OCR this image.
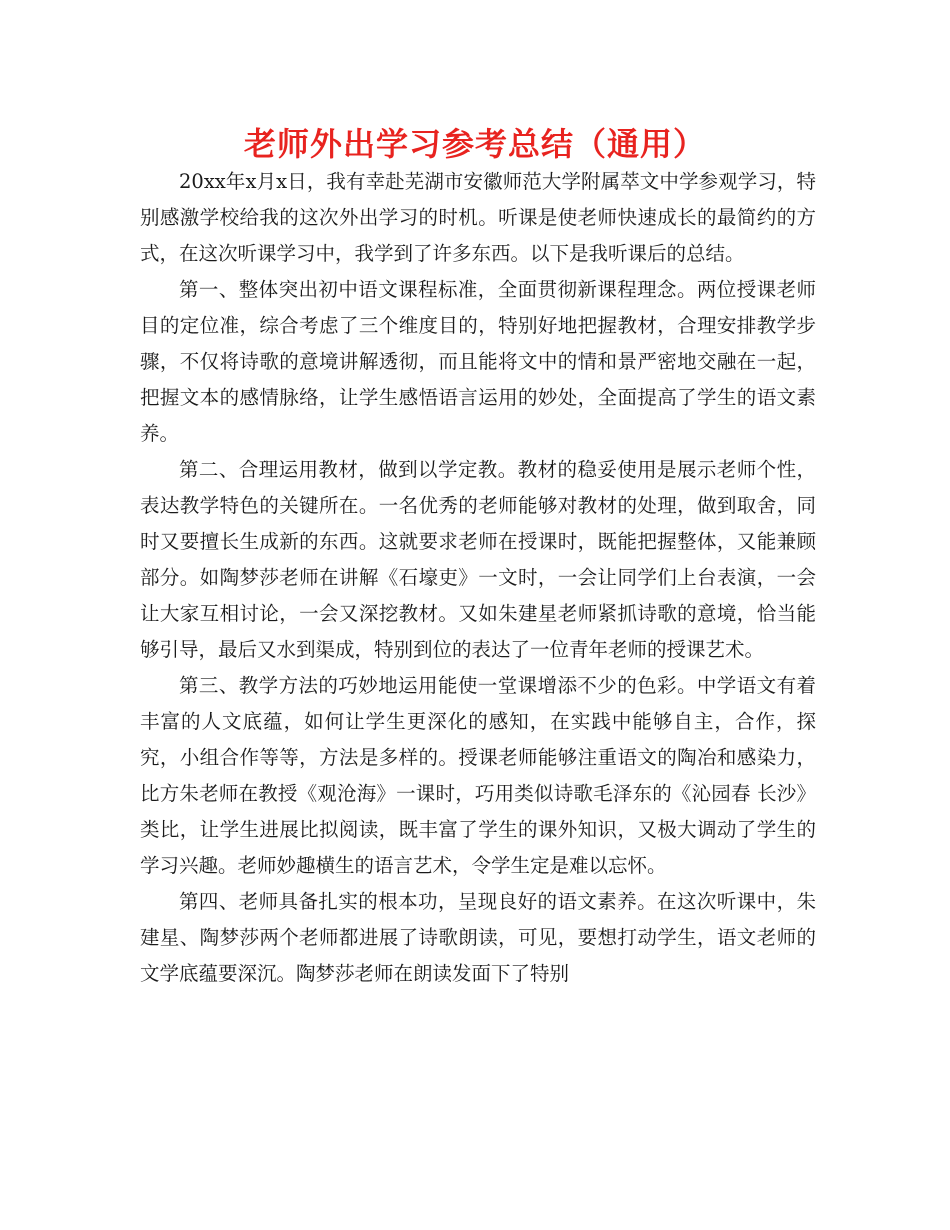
老师外出学习参考总结（通用）

20xx年x月x日，我有幸赴芜湖市安徽师范大学附属萃文中学参观学习，特别感激学校给我的这次外出学习的时机。听课是使老师快速成长的最简约的方式，在这次听课学习中，我学到了许多东西。以下是我听课后的总结。

第一、整体突出初中语文课程标准，全面贯彻新课程理念。两位授课老师目的定位准，综合考虑了三个维度目的，特别好地把握教材，合理安排教学步骤，不仅将诗歌的意境讲解透彻，而且能将文中的情和景严密地交融在一起，把握文本的感情脉络，让学生感悟语言运用的妙处，全面提高了学生的语文素养。

第二、合理运用教材，做到以学定教。教材的稳妥使用是展示老师个性，表达教学特色的关键所在。一名优秀的老师能够对教材的处理，做到取舍，同时又要擅长生成新的东西。这就要求老师在授课时，既能把握整体，又能兼顾部分。如陶梦莎老师在讲解《石壕吏》一文时，一会让同学们上台表演，一会让大家互相讨论，一会又深挖教材。又如朱建星老师紧抓诗歌的意境，恰当能够引导，最后又水到渠成，特别到位的表达了一位青年老师的授课艺术。

第三、教学方法的巧妙地运用能使一堂课增添不少的色彩。中学语文有着丰富的人文底蕴，如何让学生更深化的感知，在实践中能够自主，合作，探究，小组合作等等，方法是多样的。授课老师能够注重语文的陶冶和感染力，比方朱老师在教授《观沧海》一课时，巧用类似诗歌毛泽东的《沁园春 长沙》类比，让学生进展比拟阅读，既丰富了学生的课外知识，又极大调动了学生的学习兴趣。老师妙趣横生的语言艺术，令学生定是难以忘怀。

第四、老师具备扎实的根本功，呈现良好的语文素养。在这次听课中，朱建星、陶梦莎两个老师都进展了诗歌朗读，可见，要想打动学生，语文老师的文学底蕴要深沉。陶梦莎老师在朗读发面下了特别
